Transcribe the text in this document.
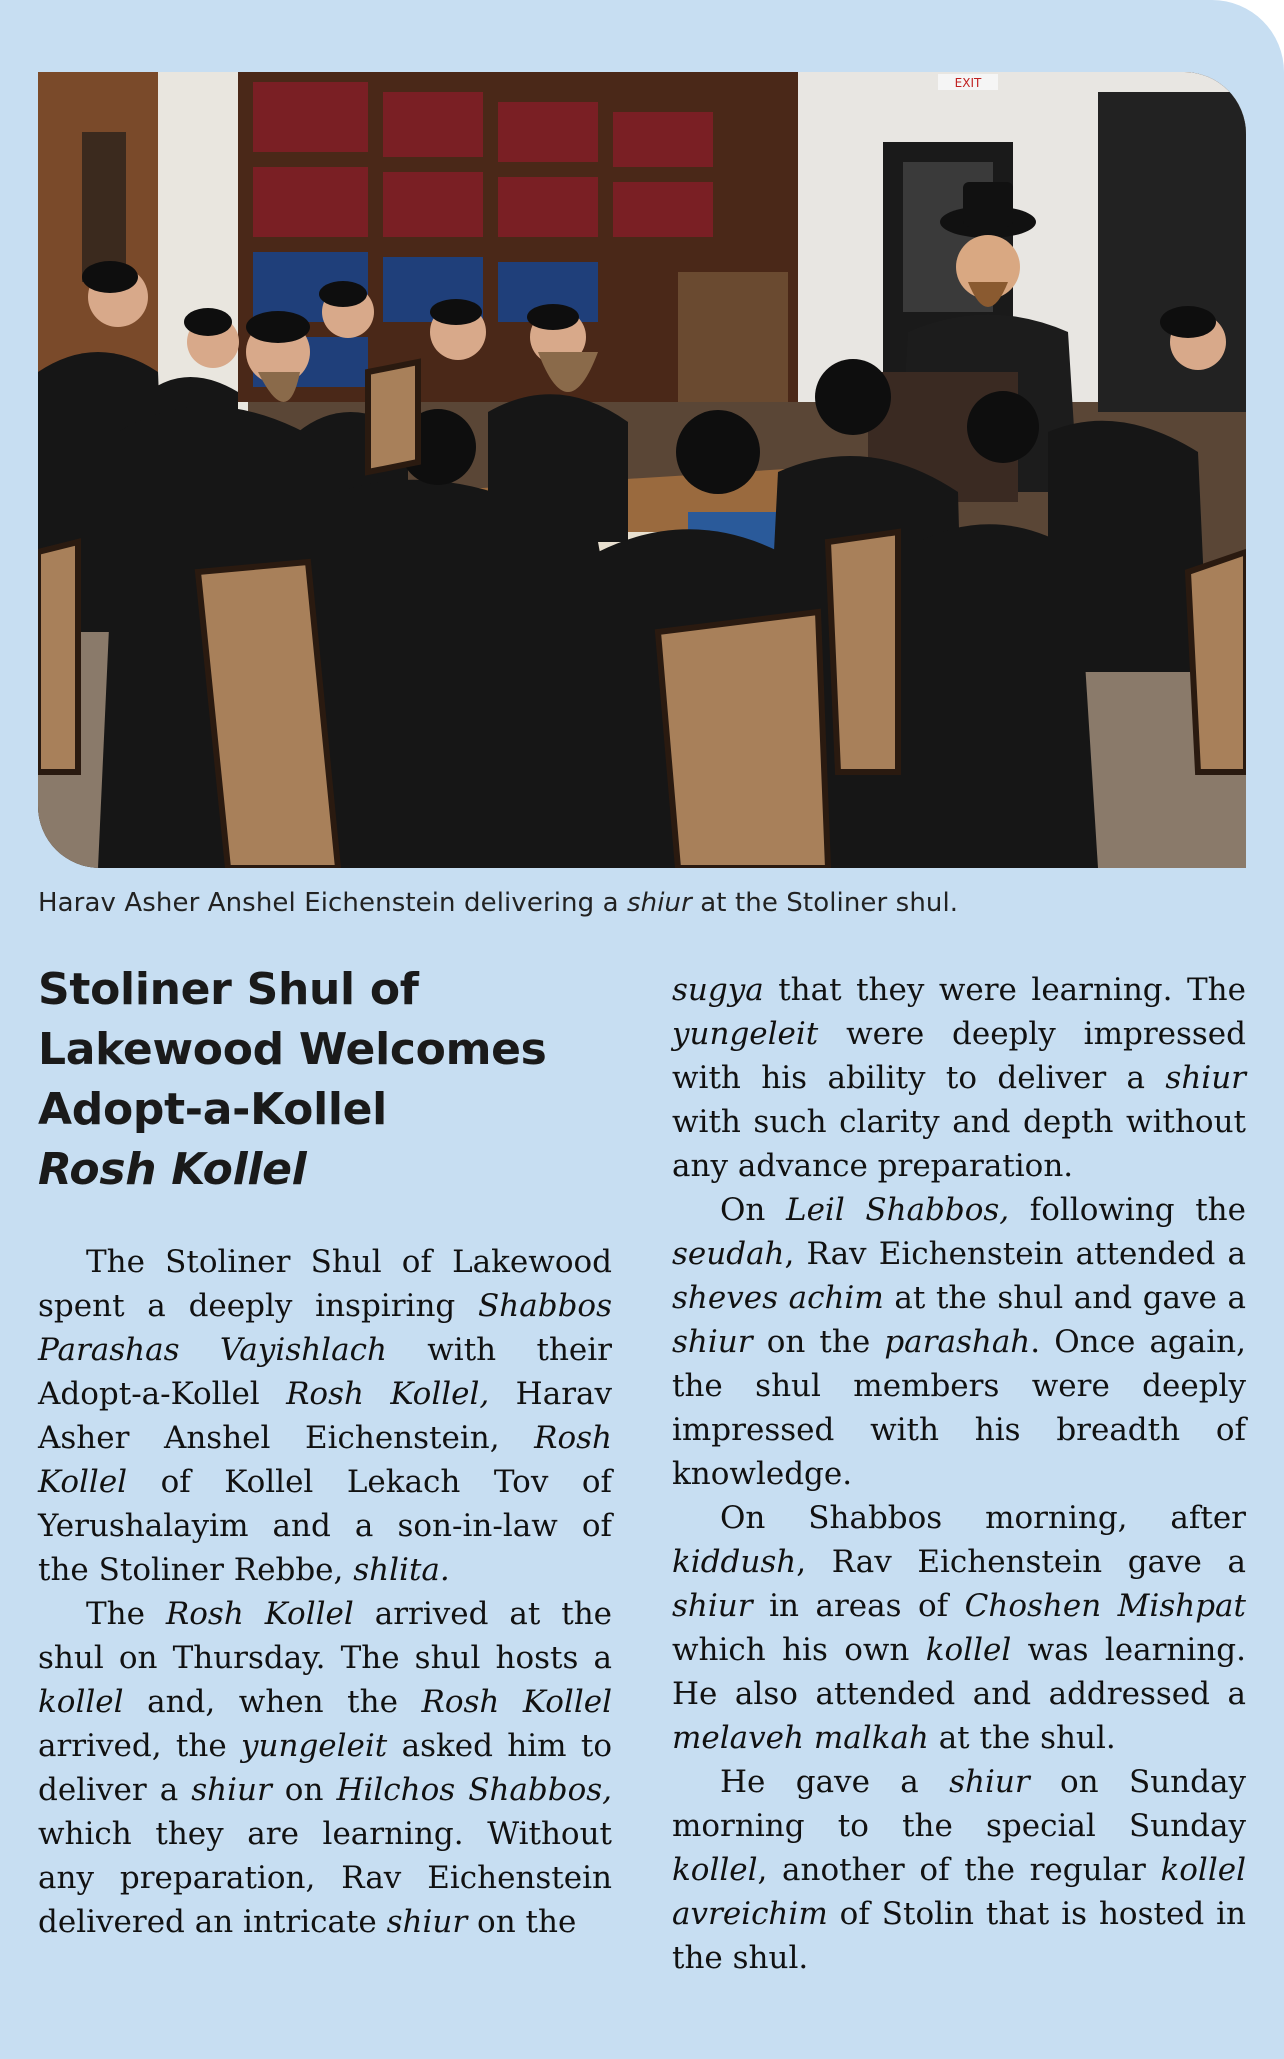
EXIT
Harav Asher Anshel Eichenstein delivering a shiur at the Stoliner shul.
Stoliner Shul of
Lakewood Welcomes
Adopt-a-Kollel
Rosh Kollel

The Stoliner Shul of Lakewood spent a deeply inspiring Shabbos Parashas Vayishlach with their Adopt-a-Kollel Rosh Kollel, Harav Asher Anshel Eichenstein, Rosh Kollel of Kollel Lekach Tov of Yerushalayim and a son-in-law of the Stoliner Rebbe, shlita.

The Rosh Kollel arrived at the shul on Thursday. The shul hosts a kollel and, when the Rosh Kollel arrived, the yungeleit asked him to deliver a shiur on Hilchos Shabbos, which they are learning. Without any preparation, Rav Eichenstein delivered an intricate shiur on the

sugya that they were learning. The yungeleit were deeply impressed with his ability to deliver a shiur with such clarity and depth without any advance preparation.

On Leil Shabbos, following the seudah, Rav Eichenstein attended a sheves achim at the shul and gave a shiur on the parashah. Once again, the shul members were deeply impressed with his breadth of knowledge.

On Shabbos morning, after kiddush, Rav Eichenstein gave a shiur in areas of Choshen Mishpat which his own kollel was learning. He also attended and addressed a melaveh malkah at the shul.

He gave a shiur on Sunday morning to the special Sunday kollel, another of the regular kollel avreichim of Stolin that is hosted in the shul.
